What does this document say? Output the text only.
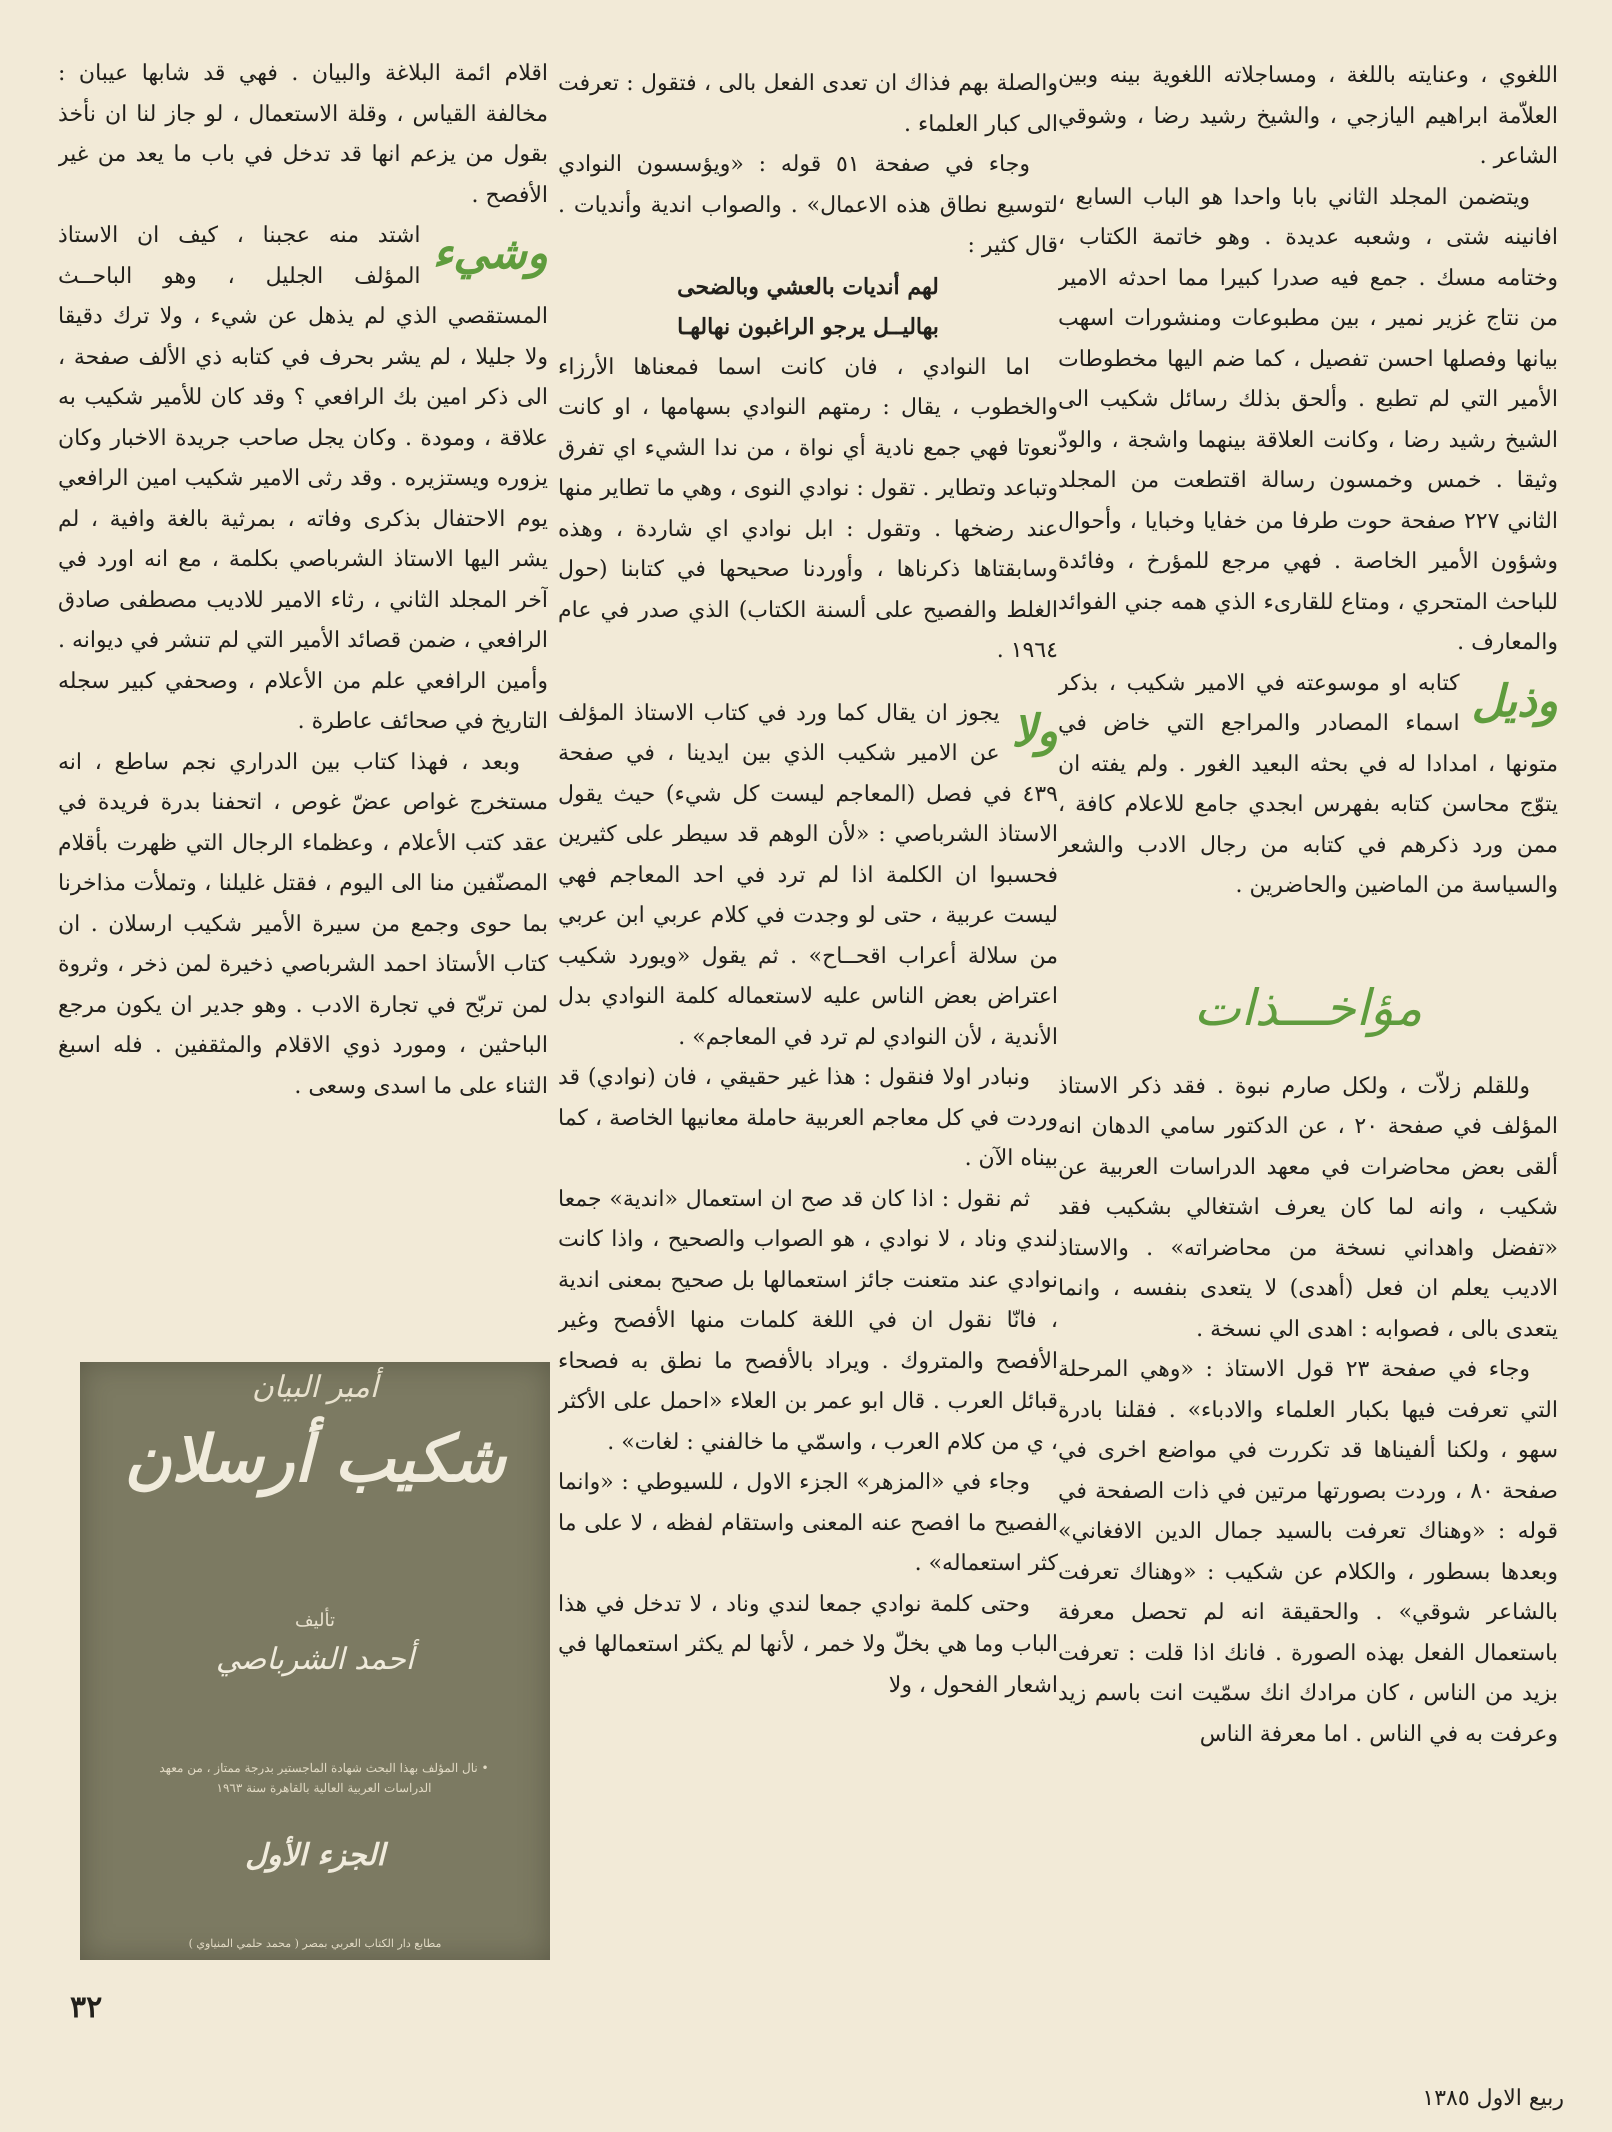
اللغوي ، وعنايته باللغة ، ومساجلاته اللغوية بينه وبين العلاّمة ابراهيم اليازجي ، والشيخ رشيد رضا ، وشوقي الشاعر .

ويتضمن المجلد الثاني بابا واحدا هو الباب السابع ، افانينه شتى ، وشعبه عديدة . وهو خاتمة الكتاب ، وختامه مسك . جمع فيه صدرا كبيرا مما احدثه الامير من نتاج غزير نمير ، بين مطبوعات ومنشورات اسهب بيانها وفصلها احسن تفصيل ، كما ضم اليها مخطوطات الأمير التي لم تطبع . وألحق بذلك رسائل شكيب الى الشيخ رشيد رضا ، وكانت العلاقة بينهما واشجة ، والودّ وثيقا . خمس وخمسون رسالة اقتطعت من المجلد الثاني ٢٢٧ صفحة حوت طرفا من خفايا وخبايا ، وأحوال وشؤون الأمير الخاصة . فهي مرجع للمؤرخ ، وفائدة للباحث المتحري ، ومتاع للقارىء الذي همه جني الفوائد والمعارف .

وذيل
كتابه او موسوعته في الامير شكيب ، بذكر اسماء المصادر والمراجع التي خاض في متونها ، امدادا له في بحثه البعيد الغور . ولم يفته ان يتوّج محاسن كتابه بفهرس ابجدي جامع للاعلام كافة ، ممن ورد ذكرهم في كتابه من رجال الادب والشعر والسياسة من الماضين والحاضرين .

مؤاخـــذات

وللقلم زلاّت ، ولكل صارم نبوة . فقد ذكر الاستاذ المؤلف في صفحة ٢٠ ، عن الدكتور سامي الدهان انه ألقى بعض محاضرات في معهد الدراسات العربية عن شكيب ، وانه لما كان يعرف اشتغالي بشكيب فقد «تفضل واهداني نسخة من محاضراته» . والاستاذ الاديب يعلم ان فعل (أهدى) لا يتعدى بنفسه ، وانما يتعدى بالى ، فصوابه : اهدى الي نسخة .

وجاء في صفحة ٢٣ قول الاستاذ : «وهي المرحلة التي تعرفت فيها بكبار العلماء والادباء» . فقلنا بادرة سهو ، ولكنا ألفيناها قد تكررت في مواضع اخرى في صفحة ٨٠ ، وردت بصورتها مرتين في ذات الصفحة في قوله : «وهناك تعرفت بالسيد جمال الدين الافغاني» وبعدها بسطور ، والكلام عن شكيب : «وهناك تعرفت بالشاعر شوقي» . والحقيقة انه لم تحصل معرفة باستعمال الفعل بهذه الصورة . فانك اذا قلت : تعرفت بزيد من الناس ، كان مرادك انك سمّيت انت باسم زيد وعرفت به في الناس . اما معرفة الناس

والصلة بهم فذاك ان تعدى الفعل بالى ، فتقول : تعرفت الى كبار العلماء .

وجاء في صفحة ٥١ قوله : «ويؤسسون النوادي لتوسيع نطاق هذه الاعمال» . والصواب اندية وأنديات . قال كثير :

لهم أنديات بالعشي وبالضحى

بهاليــل يرجو الراغبون نهالهـا

اما النوادي ، فان كانت اسما فمعناها الأرزاء والخطوب ، يقال : رمتهم النوادي بسهامها ، او كانت نعوتا فهي جمع نادية أي نواة ، من ندا الشيء اي تفرق وتباعد وتطاير . تقول : نوادي النوى ، وهي ما تطاير منها عند رضخها . وتقول : ابل نوادي اي شاردة ، وهذه وسابقتاها ذكرناها ، وأوردنا صحيحها في كتابنا (حول الغلط والفصيح على ألسنة الكتاب) الذي صدر في عام ١٩٦٤ .

ولا
يجوز ان يقال كما ورد في كتاب الاستاذ المؤلف عن الامير شكيب الذي بين ايدينا ، في صفحة ٤٣٩ في فصل (المعاجم ليست كل شيء) حيث يقول الاستاذ الشرباصي : «لأن الوهم قد سيطر على كثيرين فحسبوا ان الكلمة اذا لم ترد في احد المعاجم فهي ليست عربية ، حتى لو وجدت في كلام عربي ابن عربي من سلالة أعراب اقحــاح» . ثم يقول «ويورد شكيب اعتراض بعض الناس عليه لاستعماله كلمة النوادي بدل الأندية ، لأن النوادي لم ترد في المعاجم» .

ونبادر اولا فنقول : هذا غير حقيقي ، فان (نوادي) قد وردت في كل معاجم العربية حاملة معانيها الخاصة ، كما بيناه الآن .

ثم نقول : اذا كان قد صح ان استعمال «اندية» جمعا لندي وناد ، لا نوادي ، هو الصواب والصحيح ، واذا كانت نوادي عند متعنت جائز استعمالها بل صحيح بمعنى اندية ، فانّا نقول ان في اللغة كلمات منها الأفصح وغير الأفصح والمتروك . ويراد بالأفصح ما نطق به فصحاء قبائل العرب . قال ابو عمر بن العلاء «احمل على الأكثر ، ي من كلام العرب ، واسمّي ما خالفني : لغات» .

وجاء في «المزهر» الجزء الاول ، للسيوطي : «وانما الفصيح ما افصح عنه المعنى واستقام لفظه ، لا على ما كثر استعماله» .

وحتى كلمة نوادي جمعا لندي وناد ، لا تدخل في هذا الباب وما هي بخلّ ولا خمر ، لأنها لم يكثر استعمالها في اشعار الفحول ، ولا

اقلام ائمة البلاغة والبيان . فهي قد شابها عيبان : مخالفة القياس ، وقلة الاستعمال ، لو جاز لنا ان نأخذ بقول من يزعم انها قد تدخل في باب ما يعد من غير الأفصح .

وشيء
اشتد منه عجبنا ، كيف ان الاستاذ المؤلف الجليل ، وهو الباحــث المستقصي الذي لم يذهل عن شيء ، ولا ترك دقيقا ولا جليلا ، لم يشر بحرف في كتابه ذي الألف صفحة ، الى ذكر امين بك الرافعي ؟ وقد كان للأمير شكيب به علاقة ، ومودة . وكان يجل صاحب جريدة الاخبار وكان يزوره ويستزيره . وقد رثى الامير شكيب امين الرافعي يوم الاحتفال بذكرى وفاته ، بمرثية بالغة وافية ، لم يشر اليها الاستاذ الشرباصي بكلمة ، مع انه اورد في آخر المجلد الثاني ، رثاء الامير للاديب مصطفى صادق الرافعي ، ضمن قصائد الأمير التي لم تنشر في ديوانه . وأمين الرافعي علم من الأعلام ، وصحفي كبير سجله التاريخ في صحائف عاطرة .

وبعد ، فهذا كتاب بين الدراري نجم ساطع ، انه مستخرج غواص عضّ غوص ، اتحفنا بدرة فريدة في عقد كتب الأعلام ، وعظماء الرجال التي ظهرت بأقلام المصنّفين منا الى اليوم ، فقتل غليلنا ، وتملأت مذاخرنا بما حوى وجمع من سيرة الأمير شكيب ارسلان . ان كتاب الأستاذ احمد الشرباصي ذخيرة لمن ذخر ، وثروة لمن تربّح في تجارة الادب . وهو جدير ان يكون مرجع الباحثين ، ومورد ذوي الاقلام والمثقفين . فله اسبغ الثناء على ما اسدى وسعى .

أمير البيان
شكيب أرسلان
تأليف
أحمد الشرباصي
• نال المؤلف بهذا البحث شهادة الماجستير بدرجة ممتاز ، من معهد الدراسات العربية العالية بالقاهرة سنة ١٩٦٣
الجزء الأول
مطابع دار الكتاب العربي بمصر ( محمد حلمي المنياوي )
٣٢
ربيع الاول ١٣٨٥
